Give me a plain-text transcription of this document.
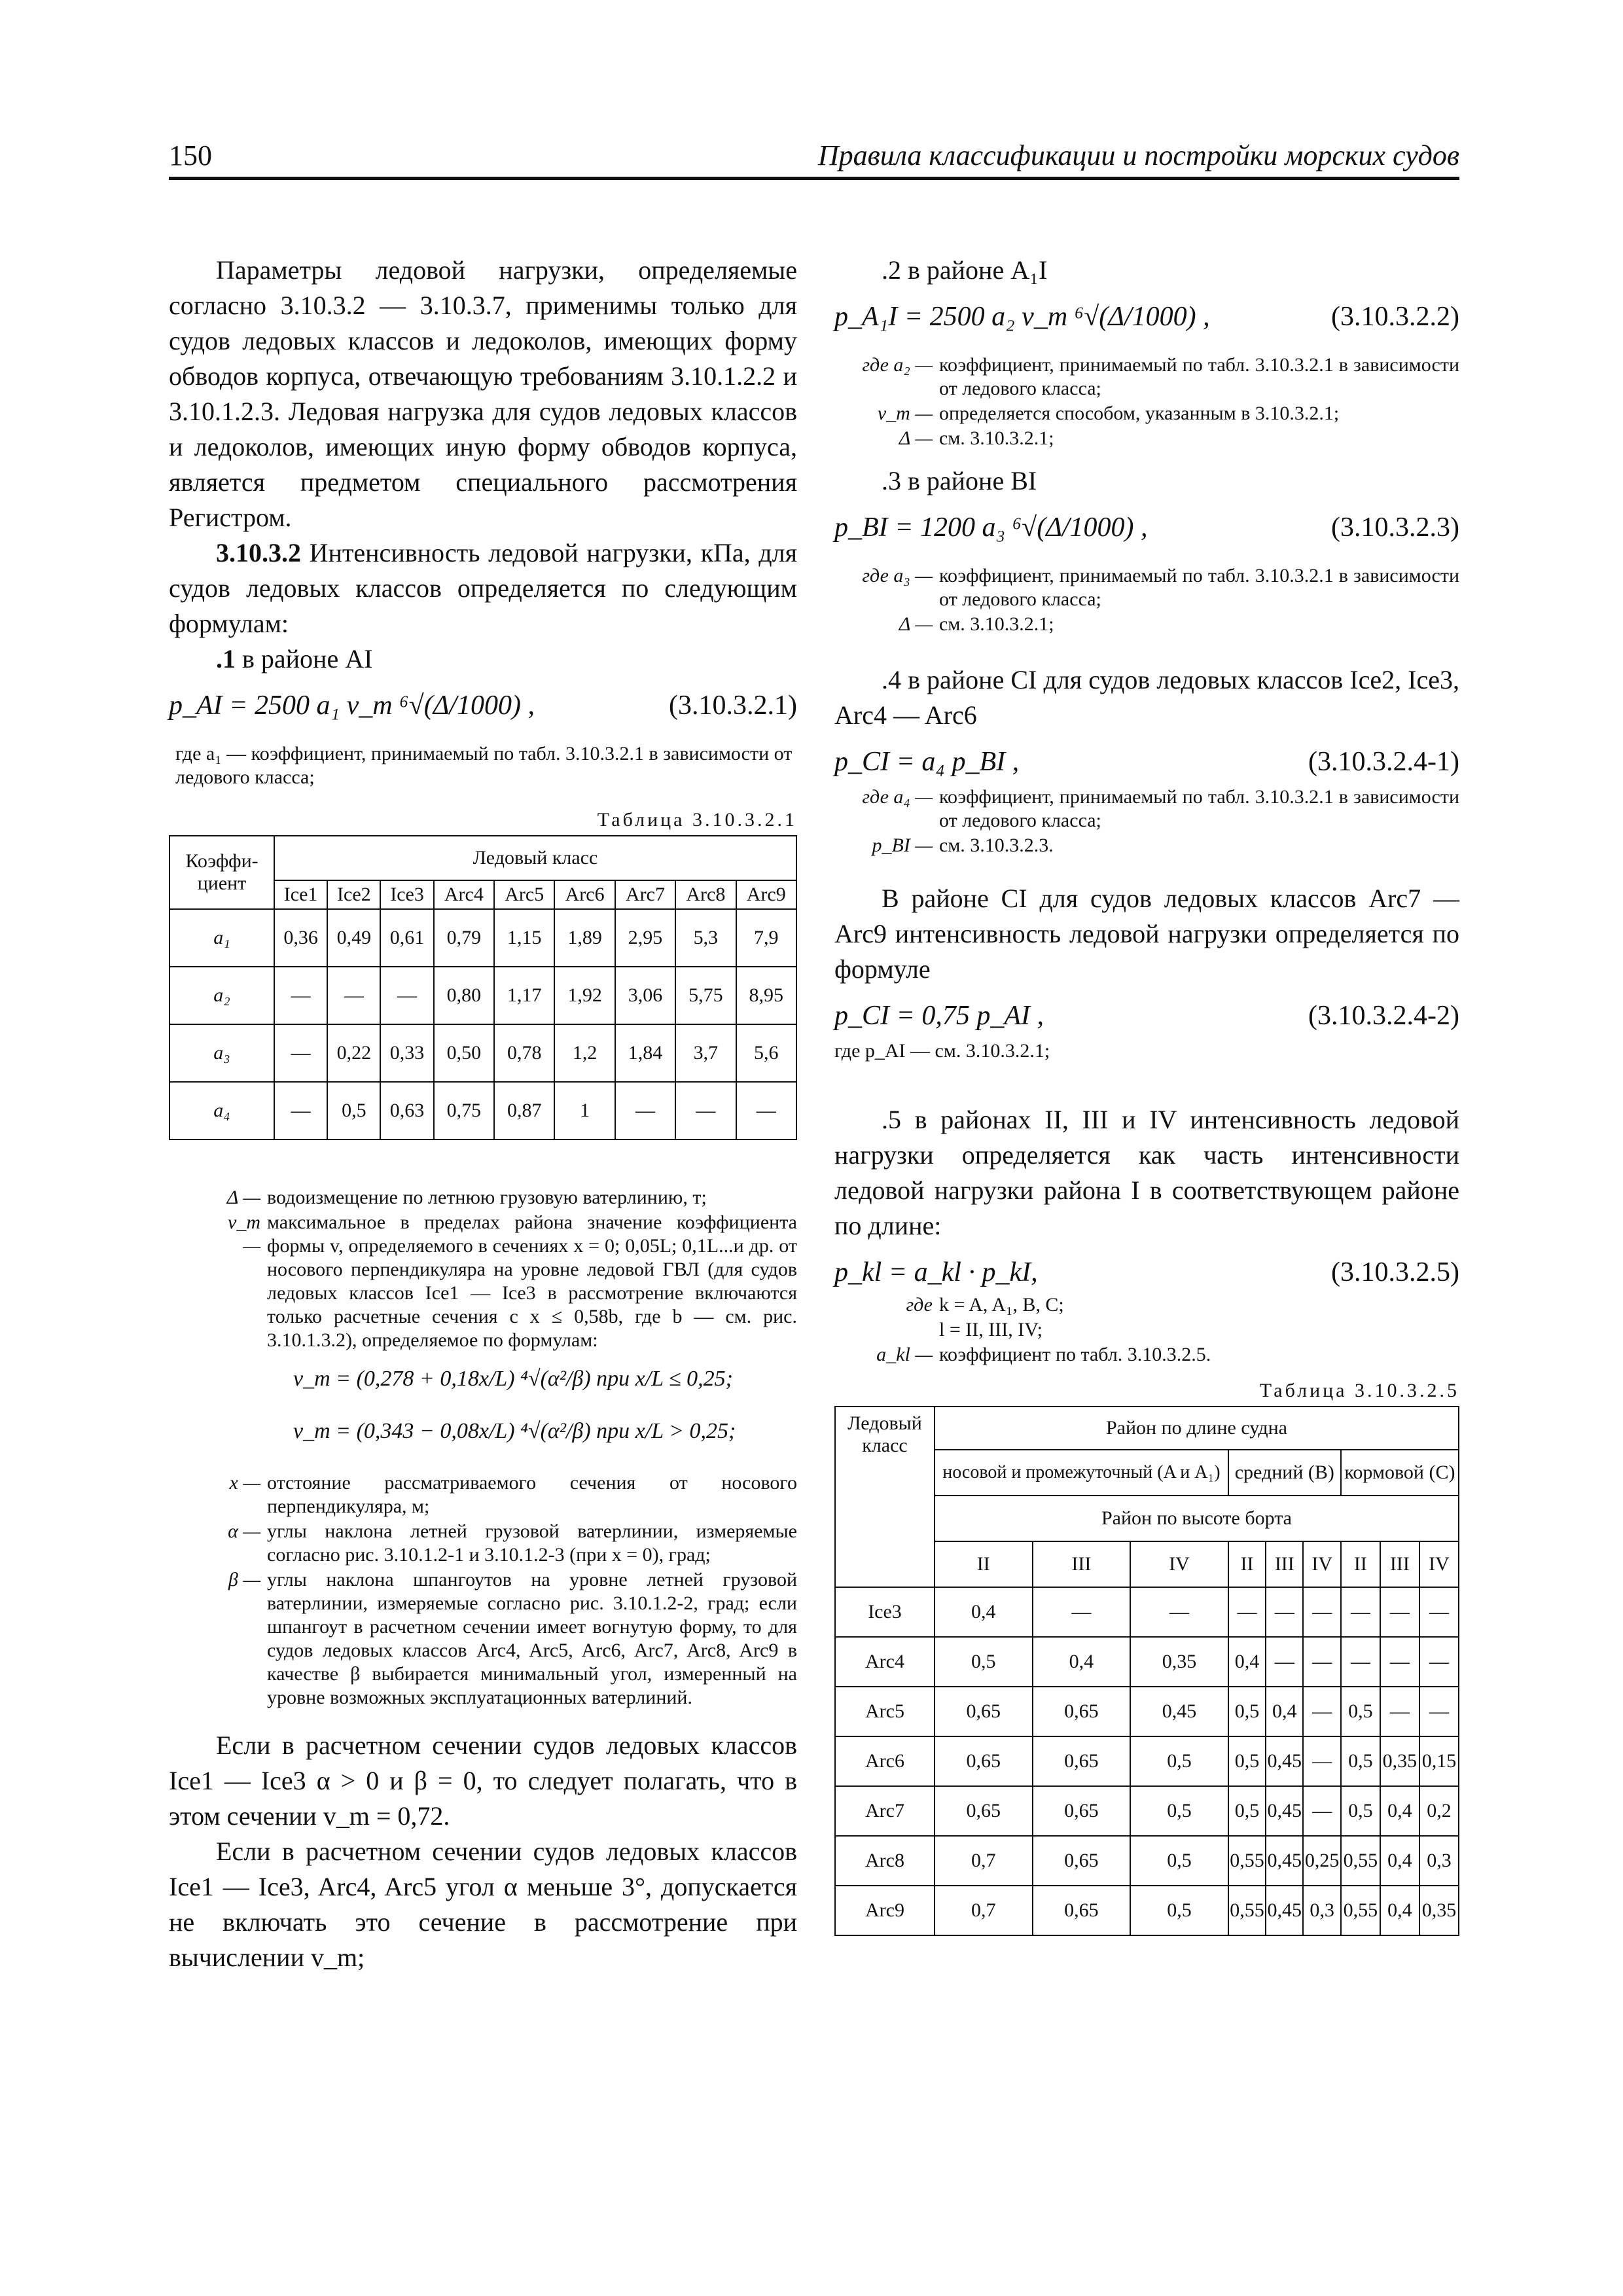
150	Правила классификации и постройки морских судов

Параметры ледовой нагрузки, определяемые согласно 3.10.3.2 — 3.10.3.7, применимы только для судов ледовых классов и ледоколов, имеющих форму обводов корпуса, отвечающую требованиям 3.10.1.2.2 и 3.10.1.2.3. Ледовая нагрузка для судов ледовых классов и ледоколов, имеющих иную форму обводов корпуса, является предметом специального рассмотрения Регистром.

3.10.3.2 Интенсивность ледовой нагрузки, кПа, для судов ледовых классов определяется по следующим формулам:

.1 в районе AI

p_AI = 2500 a₁ v_m ⁶√(Δ/1000) ,	(3.10.3.2.1)

где a₁ — коэффициент, принимаемый по табл. 3.10.3.2.1 в зависимости от ледового класса;

Таблица 3.10.3.2.1
Коэффи-циент	Ледовый класс								
	Ice1	Ice2	Ice3	Arc4	Arc5	Arc6	Arc7	Arc8	Arc9
a₁	0,36	0,49	0,61	0,79	1,15	1,89	2,95	5,3	7,9
a₂	—	—	—	0,80	1,17	1,92	3,06	5,75	8,95
a₃	—	0,22	0,33	0,50	0,78	1,2	1,84	3,7	5,6
a₄	—	0,5	0,63	0,75	0,87	1	—	—	—
Δ — водоизмещение по летнюю грузовую ватерлинию, т;
v_m —
максимальное в пределах района значение коэффициента формы v, определяемого в сечениях x = 0; 0,05L; 0,1L...и др. от носового перпендикуляра на уровне ледовой ГВЛ (для судов ледовых классов Ice1 — Ice3 в рассмотрение включаются только расчетные сечения с x ≤ 0,58b, где b — см. рис. 3.10.1.3.2), определяемое по формулам:
v_m = (0,278 + 0,18x/L) ⁴√(α²/β) при x/L ≤ 0,25;
v_m = (0,343 − 0,08x/L) ⁴√(α²/β) при x/L > 0,25;
x — отстояние рассматриваемого сечения от носового перпендикуляра, м;
α — углы наклона летней грузовой ватерлинии, измеряемые согласно рис. 3.10.1.2-1 и 3.10.1.2-3 (при x = 0), град;
β — углы наклона шпангоутов на уровне летней грузовой ватерлинии, измеряемые согласно рис. 3.10.1.2-2, град; если шпангоут в расчетном сечении имеет вогнутую форму, то для судов ледовых классов Arc4, Arc5, Arc6, Arc7, Arc8, Arc9 в качестве β выбирается минимальный угол, измеренный на уровне возможных эксплуатационных ватерлиний.

Если в расчетном сечении судов ледовых классов Ice1 — Ice3 α > 0 и β = 0, то следует полагать, что в этом сечении v_m = 0,72.

Если в расчетном сечении судов ледовых классов Ice1 — Ice3, Arc4, Arc5 угол α меньше 3°, допускается не включать это сечение в рассмотрение при вычислении v_m;

.2 в районе A₁I

p_A₁I = 2500 a₂ v_m ⁶√(Δ/1000) ,	(3.10.3.2.2)
где a₂ — коэффициент, принимаемый по табл. 3.10.3.2.1 в зависимости от ледового класса;
v_m — определяется способом, указанным в 3.10.3.2.1;
Δ — см. 3.10.3.2.1;

.3 в районе BI

p_BI = 1200 a₃ ⁶√(Δ/1000) ,	(3.10.3.2.3)
где a₃ — коэффициент, принимаемый по табл. 3.10.3.2.1 в зависимости от ледового класса;
Δ — см. 3.10.3.2.1;

.4 в районе CI для судов ледовых классов Ice2, Ice3, Arc4 — Arc6

p_CI = a₄ p_BI ,	(3.10.3.2.4-1)
где a₄ — коэффициент, принимаемый по табл. 3.10.3.2.1 в зависимости от ледового класса;
p_BI — см. 3.10.3.2.3.

В районе CI для судов ледовых классов Arc7 — Arc9 интенсивность ледовой нагрузки определяется по формуле

p_CI = 0,75 p_AI ,	(3.10.3.2.4-2)

где p_AI — см. 3.10.3.2.1;

.5 в районах II, III и IV интенсивность ледовой нагрузки определяется как часть интенсивности ледовой нагрузки района I в соответствующем районе по длине:

p_kl = a_kl · p_kI,	(3.10.3.2.5)
где k = A, A₁, B, C;
l = II, III, IV;
a_kl — коэффициент по табл. 3.10.3.2.5.
Таблица 3.10.3.2.5
Ледовый класс	Район по длине судна								
	носовой и промежуточный (A и A₁)			средний (B)			кормовой (C)		
	Район по высоте борта								
	II	III	IV	II	III	IV	II	III	IV
Ice3	0,4	—	—	—	—	—	—	—	—
Arc4	0,5	0,4	0,35	0,4	—	—	—	—	—
Arc5	0,65	0,65	0,45	0,5	0,4	—	0,5	—	—
Arc6	0,65	0,65	0,5	0,5	0,45	—	0,5	0,35	0,15
Arc7	0,65	0,65	0,5	0,5	0,45	—	0,5	0,4	0,2
Arc8	0,7	0,65	0,5	0,55	0,45	0,25	0,55	0,4	0,3
Arc9	0,7	0,65	0,5	0,55	0,45	0,3	0,55	0,4	0,35
